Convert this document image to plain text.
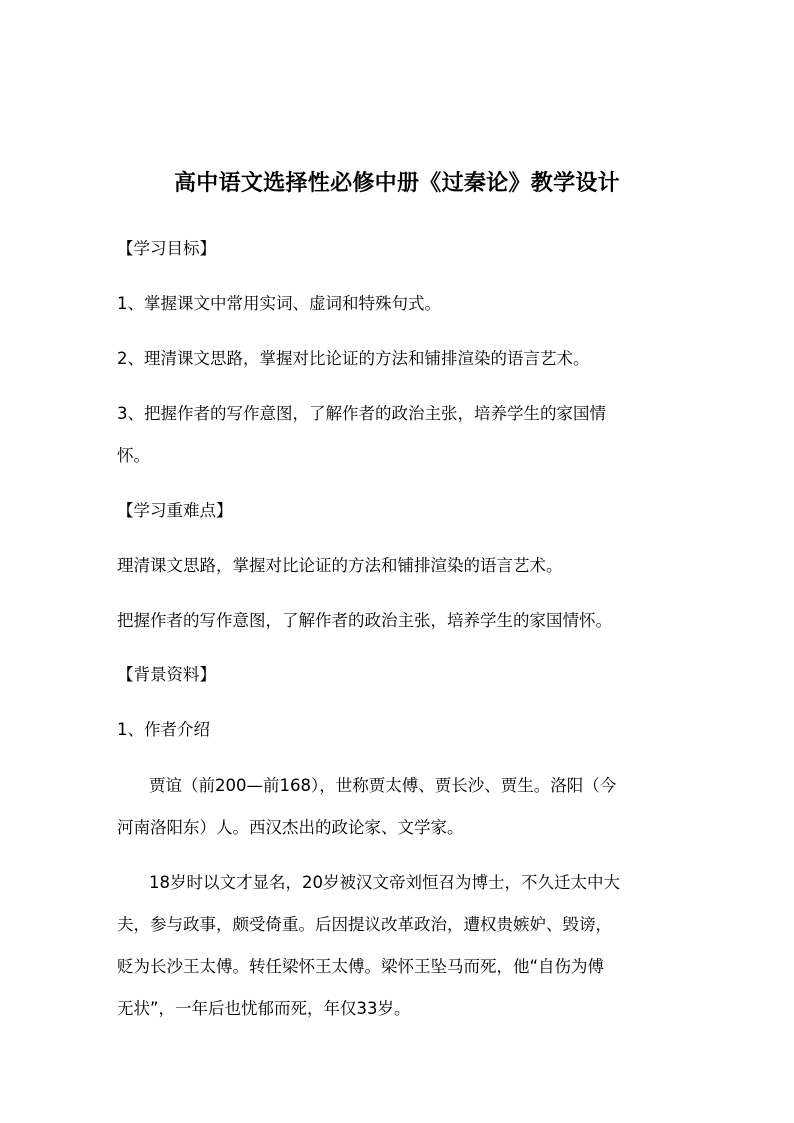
高中语文选择性必修中册《过秦论》教学设计

【学习目标】

1、掌握课文中常用实词、虚词和特殊句式。

2、理清课文思路，掌握对比论证的方法和铺排渲染的语言艺术。

3、把握作者的写作意图，了解作者的政治主张，培养学生的家国情

怀。

【学习重难点】

理清课文思路，掌握对比论证的方法和铺排渲染的语言艺术。

把握作者的写作意图，了解作者的政治主张，培养学生的家国情怀。

【背景资料】

1、作者介绍

贾谊（前200—前168），世称贾太傅、贾长沙、贾生。洛阳（今

河南洛阳东）人。西汉杰出的政论家、文学家。

18岁时以文才显名，20岁被汉文帝刘恒召为博士，不久迁太中大

夫，参与政事，颇受倚重。后因提议改革政治，遭权贵嫉妒、毁谤，

贬为长沙王太傅。转任梁怀王太傅。梁怀王坠马而死，他“自伤为傅

无状”，一年后也忧郁而死，年仅33岁。
